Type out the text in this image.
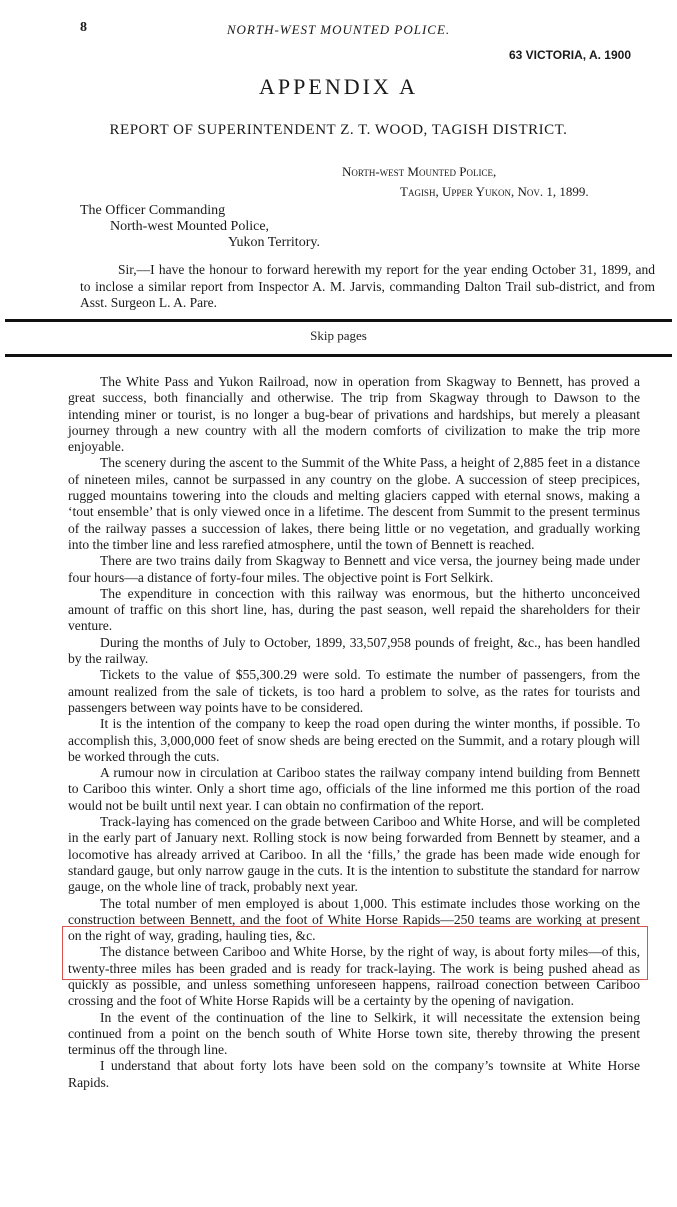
8	NORTH-WEST MOUNTED POLICE.
63 VICTORIA, A. 1900
APPENDIX A
REPORT OF SUPERINTENDENT Z. T. WOOD, TAGISH DISTRICT.
North-west Mounted Police,
Tagish, Upper Yukon, Nov. 1, 1899.
The Officer Commanding
North-west Mounted Police,
Yukon Territory.
Sir,—I have the honour to forward herewith my report for the year ending October 31, 1899, and to inclose a similar report from Inspector A. M. Jarvis, commanding Dalton Trail sub-district, and from Asst. Surgeon L. A. Pare.
Skip pages

The White Pass and Yukon Railroad, now in operation from Skagway to Bennett, has proved a great success, both financially and otherwise. The trip from Skagway through to Dawson to the intending miner or tourist, is no longer a bug-bear of privations and hardships, but merely a pleasant journey through a new country with all the modern comforts of civilization to make the trip more enjoyable.

The scenery during the ascent to the Summit of the White Pass, a height of 2,885 feet in a distance of nineteen miles, cannot be surpassed in any country on the globe. A succession of steep precipices, rugged mountains towering into the clouds and melting glaciers capped with eternal snows, making a ‘tout ensemble’ that is only viewed once in a lifetime. The descent from Summit to the present terminus of the railway passes a succession of lakes, there being little or no vegetation, and gradually working into the timber line and less rarefied atmosphere, until the town of Bennett is reached.

There are two trains daily from Skagway to Bennett and vice versa, the journey being made under four hours—a distance of forty-four miles. The objective point is Fort Selkirk.

The expenditure in concection with this railway was enormous, but the hitherto unconceived amount of traffic on this short line, has, during the past season, well repaid the shareholders for their venture.

During the months of July to October, 1899, 33,507,958 pounds of freight, &c., has been handled by the railway.

Tickets to the value of $55,300.29 were sold. To estimate the number of passengers, from the amount realized from the sale of tickets, is too hard a problem to solve, as the rates for tourists and passengers between way points have to be considered.

It is the intention of the company to keep the road open during the winter months, if possible. To accomplish this, 3,000,000 feet of snow sheds are being erected on the Summit, and a rotary plough will be worked through the cuts.

A rumour now in circulation at Cariboo states the railway company intend building from Bennett to Cariboo this winter. Only a short time ago, officials of the line informed me this portion of the road would not be built until next year. I can obtain no confirmation of the report.

Track-laying has comenced on the grade between Cariboo and White Horse, and will be completed in the early part of January next. Rolling stock is now being forwarded from Bennett by steamer, and a locomotive has already arrived at Cariboo. In all the ‘fills,’ the grade has been made wide enough for standard gauge, but only narrow gauge in the cuts. It is the intention to substitute the standard for narrow gauge, on the whole line of track, probably next year.

The total number of men employed is about 1,000. This estimate includes those working on the construction between Bennett, and the foot of White Horse Rapids—250 teams are working at present on the right of way, grading, hauling ties, &c.

The distance between Cariboo and White Horse, by the right of way, is about forty miles—of this, twenty-three miles has been graded and is ready for track-laying. The work is being pushed ahead as quickly as possible, and unless something unforeseen happens, railroad conection between Cariboo crossing and the foot of White Horse Rapids will be a certainty by the opening of navigation.

In the event of the continuation of the line to Selkirk, it will necessitate the extension being continued from a point on the bench south of White Horse town site, thereby throwing the present terminus off the through line.

I understand that about forty lots have been sold on the company’s townsite at White Horse Rapids.
